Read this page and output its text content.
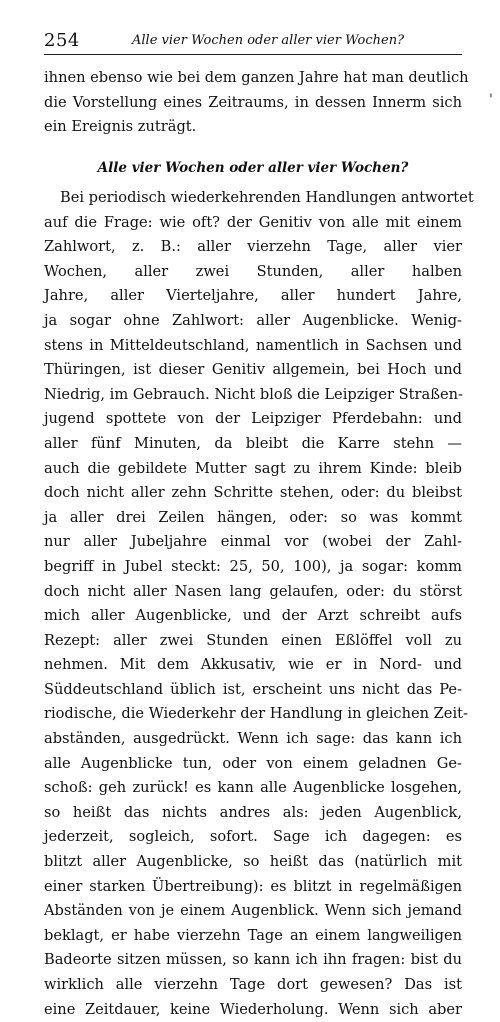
254	Alle vier Wochen oder aller vier Wochen?
'
ihnen ebenso wie bei dem ganzen Jahre hat man deutlich
die Vorstellung eines Zeitraums, in dessen Innerm sich
ein Ereignis zuträgt.
Alle vier Wochen oder aller vier Wochen?
Bei periodisch wiederkehrenden Handlungen antwortet
auf die Frage: wie oft? der Genitiv von alle mit einem
Zahlwort, z. B.: aller vierzehn Tage, aller vier
Wochen, aller zwei Stunden, aller halben
Jahre, aller Vierteljahre, aller hundert Jahre,
ja sogar ohne Zahlwort: aller Augenblicke. Wenig-
stens in Mitteldeutschland, namentlich in Sachsen und
Thüringen, ist dieser Genitiv allgemein, bei Hoch und
Niedrig, im Gebrauch. Nicht bloß die Leipziger Straßen-
jugend spottete von der Leipziger Pferdebahn: und
aller fünf Minuten, da bleibt die Karre stehn —
auch die gebildete Mutter sagt zu ihrem Kinde: bleib
doch nicht aller zehn Schritte stehen, oder: du bleibst
ja aller drei Zeilen hängen, oder: so was kommt
nur aller Jubeljahre einmal vor (wobei der Zahl-
begriff in Jubel steckt: 25, 50, 100), ja sogar: komm
doch nicht aller Nasen lang gelaufen, oder: du störst
mich aller Augenblicke, und der Arzt schreibt aufs
Rezept: aller zwei Stunden einen Eßlöffel voll zu
nehmen. Mit dem Akkusativ, wie er in Nord- und
Süddeutschland üblich ist, erscheint uns nicht das Pe-
riodische, die Wiederkehr der Handlung in gleichen Zeit-
abständen, ausgedrückt. Wenn ich sage: das kann ich
alle Augenblicke tun, oder von einem geladnen Ge-
schoß: geh zurück! es kann alle Augenblicke losgehen,
so heißt das nichts andres als: jeden Augenblick,
jederzeit, sogleich, sofort. Sage ich dagegen: es
blitzt aller Augenblicke, so heißt das (natürlich mit
einer starken Übertreibung): es blitzt in regelmäßigen
Abständen von je einem Augenblick. Wenn sich jemand
beklagt, er habe vierzehn Tage an einem langweiligen
Badeorte sitzen müssen, so kann ich ihn fragen: bist du
wirklich alle vierzehn Tage dort gewesen? Das ist
eine Zeitdauer, keine Wiederholung. Wenn sich aber
